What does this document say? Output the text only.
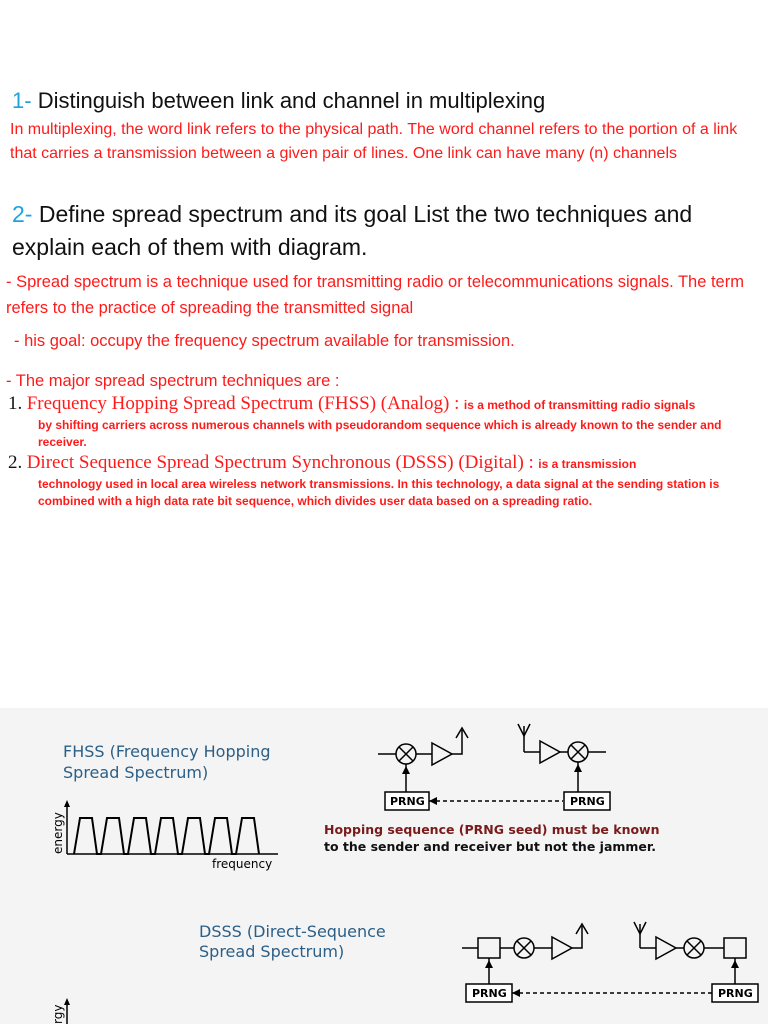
1- Distinguish between link and channel in multiplexing
In multiplexing, the word link refers to the physical path. The word channel refers to the portion of a link that carries a transmission between a given pair of lines. One link can have many (n) channels
2- Define spread spectrum and its goal List the two techniques and explain each of them with diagram.
- Spread spectrum is a technique used for transmitting radio or telecommunications signals. The term refers to the practice of spreading the transmitted signal
- his goal: occupy the frequency spectrum available for transmission.
- The major spread spectrum techniques are :
1. Frequency Hopping Spread Spectrum (FHSS) (Analog) : is a method of transmitting radio signals
by shifting carriers across numerous channels with pseudorandom sequence which is already known to the sender and receiver.
2. Direct Sequence Spread Spectrum Synchronous (DSSS) (Digital) : is a transmission
technology used in local area wireless network transmissions. In this technology, a data signal at the sending station is combined with a high data rate bit sequence, which divides user data based on a spreading ratio.
FHSS (Frequency Hopping
Spread Spectrum)
energy
frequency
PRNG	PRNG
Hopping sequence (PRNG seed) must be known
to the sender and receiver but not the jammer.
DSSS (Direct-Sequence
Spread Spectrum)
PRNG	PRNG
rgy
